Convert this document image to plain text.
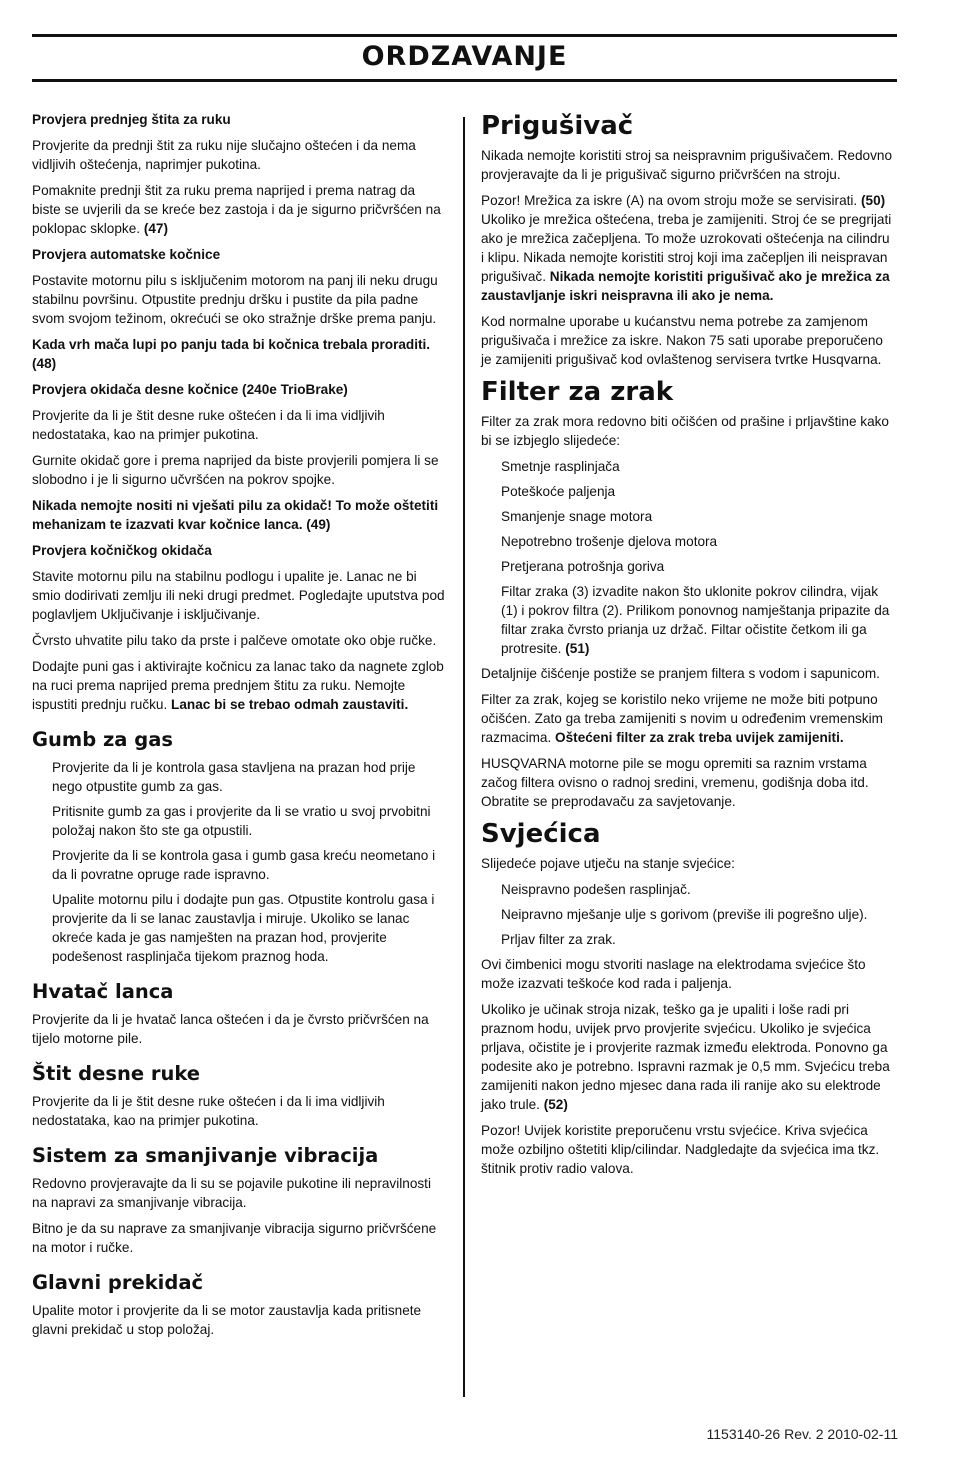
ORDZAVANJE

Provjera prednjeg štita za ruku

Provjerite da prednji štit za ruku nije slučajno oštećen i da nema vidljivih oštećenja, naprimjer pukotina.

Pomaknite prednji štit za ruku prema naprijed i prema natrag da biste se uvjerili da se kreće bez zastoja i da je sigurno pričvršćen na poklopac sklopke. (47)

Provjera automatske kočnice

Postavite motornu pilu s isključenim motorom na panj ili neku drugu stabilnu površinu. Otpustite prednju dršku i pustite da pila padne svom svojom težinom, okrećući se oko stražnje drške prema panju.

Kada vrh mača lupi po panju tada bi kočnica trebala proraditi. (48)

Provjera okidača desne kočnice (240e TrioBrake)

Provjerite da li je štit desne ruke oštećen i da li ima vidljivih nedostataka, kao na primjer pukotina.

Gurnite okidač gore i prema naprijed da biste provjerili pomjera li se slobodno i je li sigurno učvršćen na pokrov spojke.

Nikada nemojte nositi ni vješati pilu za okidač! To može oštetiti mehanizam te izazvati kvar kočnice lanca. (49)

Provjera kočničkog okidača

Stavite motornu pilu na stabilnu podlogu i upalite je. Lanac ne bi smio dodirivati zemlju ili neki drugi predmet. Pogledajte uputstva pod poglavljem Uključivanje i isključivanje.

Čvrsto uhvatite pilu tako da prste i palčeve omotate oko obje ručke.

Dodajte puni gas i aktivirajte kočnicu za lanac tako da nagnete zglob na ruci prema naprijed prema prednjem štitu za ruku. Nemojte ispustiti prednju ručku. Lanac bi se trebao odmah zaustaviti.

Gumb za gas

Provjerite da li je kontrola gasa stavljena na prazan hod prije nego otpustite gumb za gas.

Pritisnite gumb za gas i provjerite da li se vratio u svoj prvobitni položaj nakon što ste ga otpustili.

Provjerite da li se kontrola gasa i gumb gasa kreću neometano i da li povratne opruge rade ispravno.

Upalite motornu pilu i dodajte pun gas. Otpustite kontrolu gasa i provjerite da li se lanac zaustavlja i miruje. Ukoliko se lanac okreće kada je gas namješten na prazan hod, provjerite podešenost rasplinjača tijekom praznog hoda.

Hvatač lanca

Provjerite da li je hvatač lanca oštećen i da je čvrsto pričvršćen na tijelo motorne pile.

Štit desne ruke

Provjerite da li je štit desne ruke oštećen i da li ima vidljivih nedostataka, kao na primjer pukotina.

Sistem za smanjivanje vibracija

Redovno provjeravajte da li su se pojavile pukotine ili nepravilnosti na napravi za smanjivanje vibracija.

Bitno je da su naprave za smanjivanje vibracija sigurno pričvršćene na motor i ručke.

Glavni prekidač

Upalite motor i provjerite da li se motor zaustavlja kada pritisnete glavni prekidač u stop položaj.

Prigušivač

Nikada nemojte koristiti stroj sa neispravnim prigušivačem. Redovno provjeravajte da li je prigušivač sigurno pričvršćen na stroju.

Pozor! Mrežica za iskre (A) na ovom stroju može se servisirati. (50) Ukoliko je mrežica oštećena, treba je zamijeniti. Stroj će se pregrijati ako je mrežica začepljena. To može uzrokovati oštećenja na cilindru i klipu. Nikada nemojte koristiti stroj koji ima začepljen ili neispravan prigušivač. Nikada nemojte koristiti prigušivač ako je mrežica za zaustavljanje iskri neispravna ili ako je nema.

Kod normalne uporabe u kućanstvu nema potrebe za zamjenom prigušivača i mrežice za iskre. Nakon 75 sati uporabe preporučeno je zamijeniti prigušivač kod ovlaštenog servisera tvrtke Husqvarna.

Filter za zrak

Filter za zrak mora redovno biti očišćen od prašine i prljavštine kako bi se izbjeglo slijedeće:

Smetnje rasplinjača

Poteškoće paljenja

Smanjenje snage motora

Nepotrebno trošenje djelova motora

Pretjerana potrošnja goriva

Filtar zraka (3) izvadite nakon što uklonite pokrov cilindra, vijak (1) i pokrov filtra (2). Prilikom ponovnog namještanja pripazite da filtar zraka čvrsto prianja uz držač. Filtar očistite četkom ili ga protresite. (51)

Detaljnije čišćenje postiže se pranjem filtera s vodom i sapunicom.

Filter za zrak, kojeg se koristilo neko vrijeme ne može biti potpuno očišćen. Zato ga treba zamijeniti s novim u određenim vremenskim razmacima. Oštećeni filter za zrak treba uvijek zamijeniti.

HUSQVARNA motorne pile se mogu opremiti sa raznim vrstama začog filtera ovisno o radnoj sredini, vremenu, godišnja doba itd. Obratite se preprodavaču za savjetovanje.

Svjećica

Slijedeće pojave utječu na stanje svjećice:

Neispravno podešen rasplinjač.

Neipravno mješanje ulje s gorivom (previše ili pogrešno ulje).

Prljav filter za zrak.

Ovi čimbenici mogu stvoriti naslage na elektrodama svjećice što može izazvati teškoće kod rada i paljenja.

Ukoliko je učinak stroja nizak, teško ga je upaliti i loše radi pri praznom hodu, uvijek prvo provjerite svjećicu. Ukoliko je svjećica prljava, očistite je i provjerite razmak između elektroda. Ponovno ga podesite ako je potrebno. Ispravni razmak je 0,5 mm. Svjećicu treba zamijeniti nakon jedno mjesec dana rada ili ranije ako su elektrode jako trule. (52)

Pozor! Uvijek koristite preporučenu vrstu svjećice. Kriva svjećica može ozbiljno oštetiti klip/cilindar. Nadgledajte da svjećica ima tkz. štitnik protiv radio valova.

1153140-26 Rev. 2 2010-02-11
